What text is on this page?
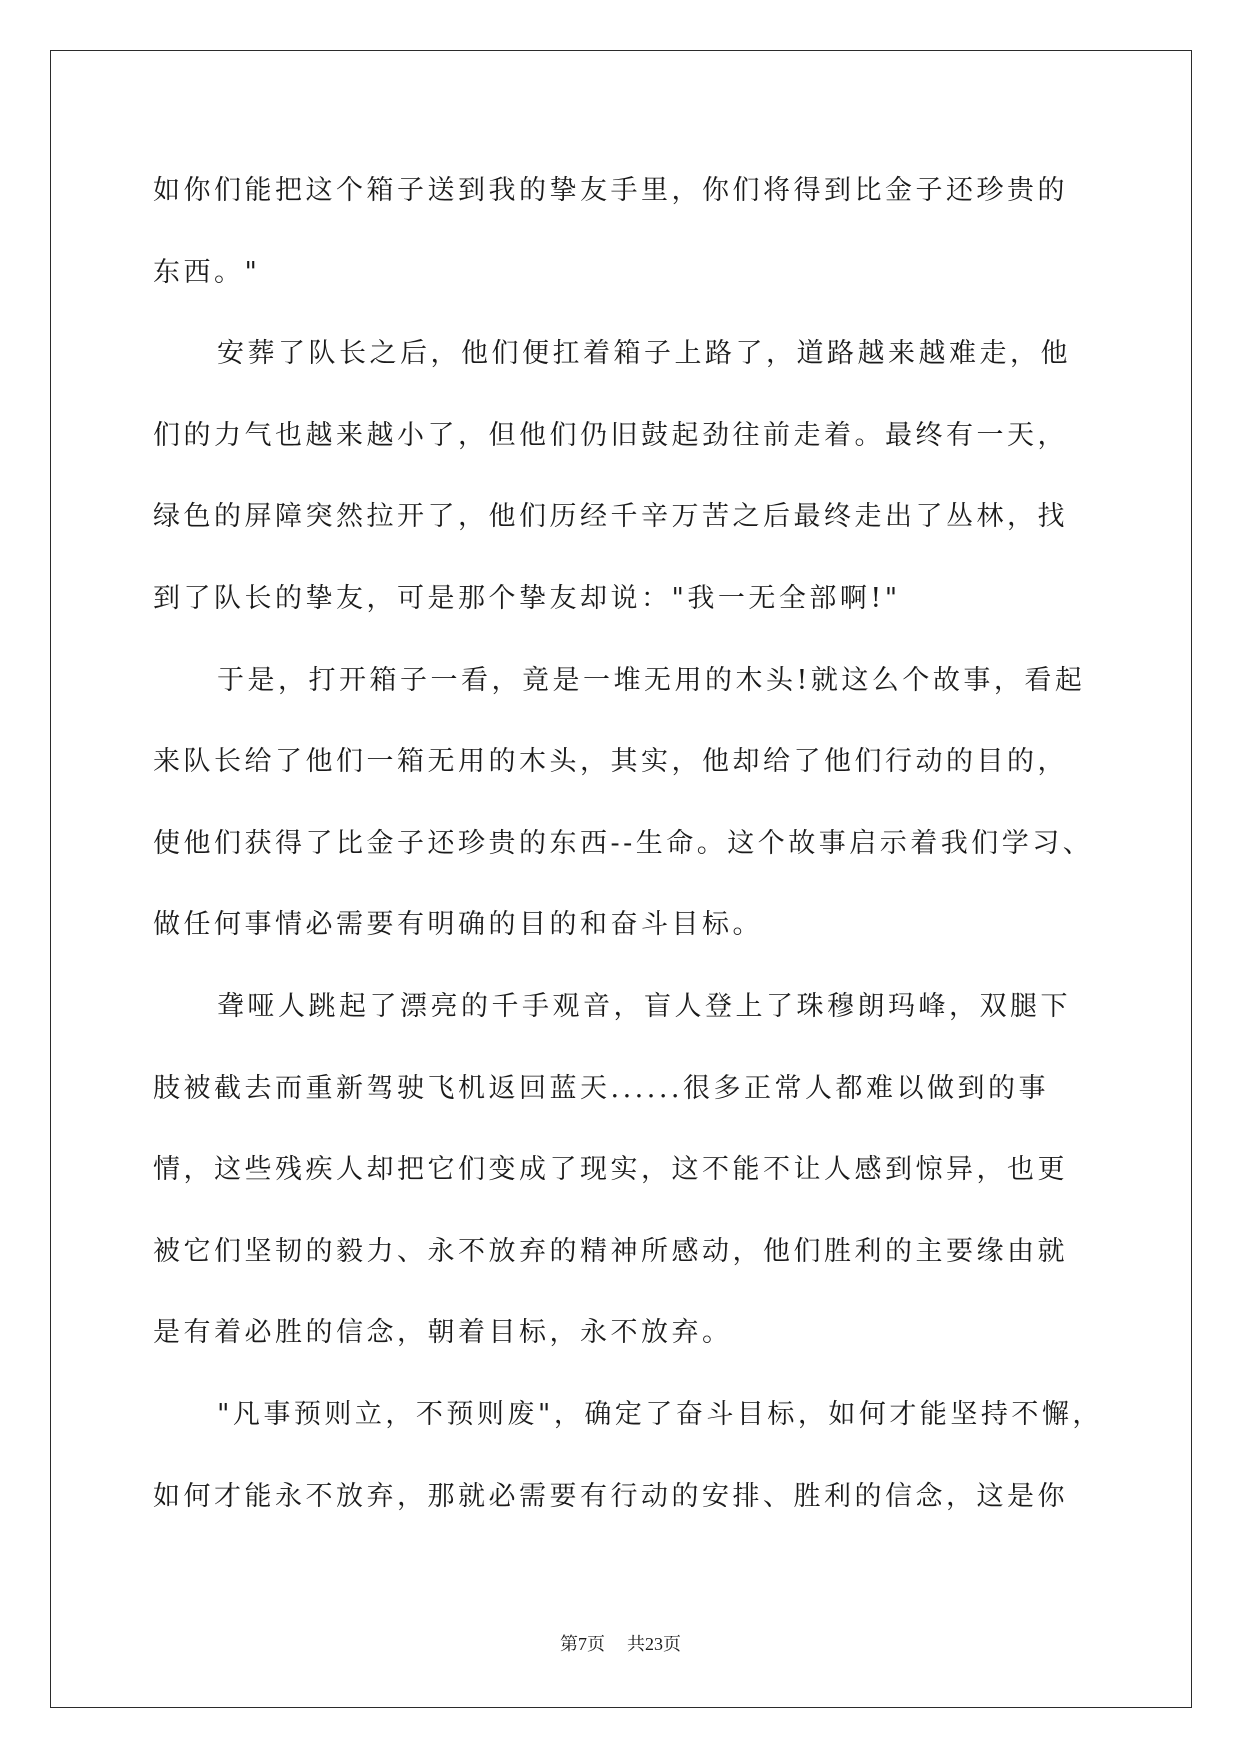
如你们能把这个箱子送到我的挚友手里，你们将得到比金子还珍贵的
东西。"
安葬了队长之后，他们便扛着箱子上路了，道路越来越难走，他
们的力气也越来越小了，但他们仍旧鼓起劲往前走着。最终有一天，
绿色的屏障突然拉开了，他们历经千辛万苦之后最终走出了丛林，找
到了队长的挚友，可是那个挚友却说："我一无全部啊!"
于是，打开箱子一看，竟是一堆无用的木头!就这么个故事，看起
来队长给了他们一箱无用的木头，其实，他却给了他们行动的目的，
使他们获得了比金子还珍贵的东西--生命。这个故事启示着我们学习、
做任何事情必需要有明确的目的和奋斗目标。
聋哑人跳起了漂亮的千手观音，盲人登上了珠穆朗玛峰，双腿下
肢被截去而重新驾驶飞机返回蓝天......很多正常人都难以做到的事
情，这些残疾人却把它们变成了现实，这不能不让人感到惊异，也更
被它们坚韧的毅力、永不放弃的精神所感动，他们胜利的主要缘由就
是有着必胜的信念，朝着目标，永不放弃。
"凡事预则立，不预则废"，确定了奋斗目标，如何才能坚持不懈，
如何才能永不放弃，那就必需要有行动的安排、胜利的信念，这是你
第7页 共23页
